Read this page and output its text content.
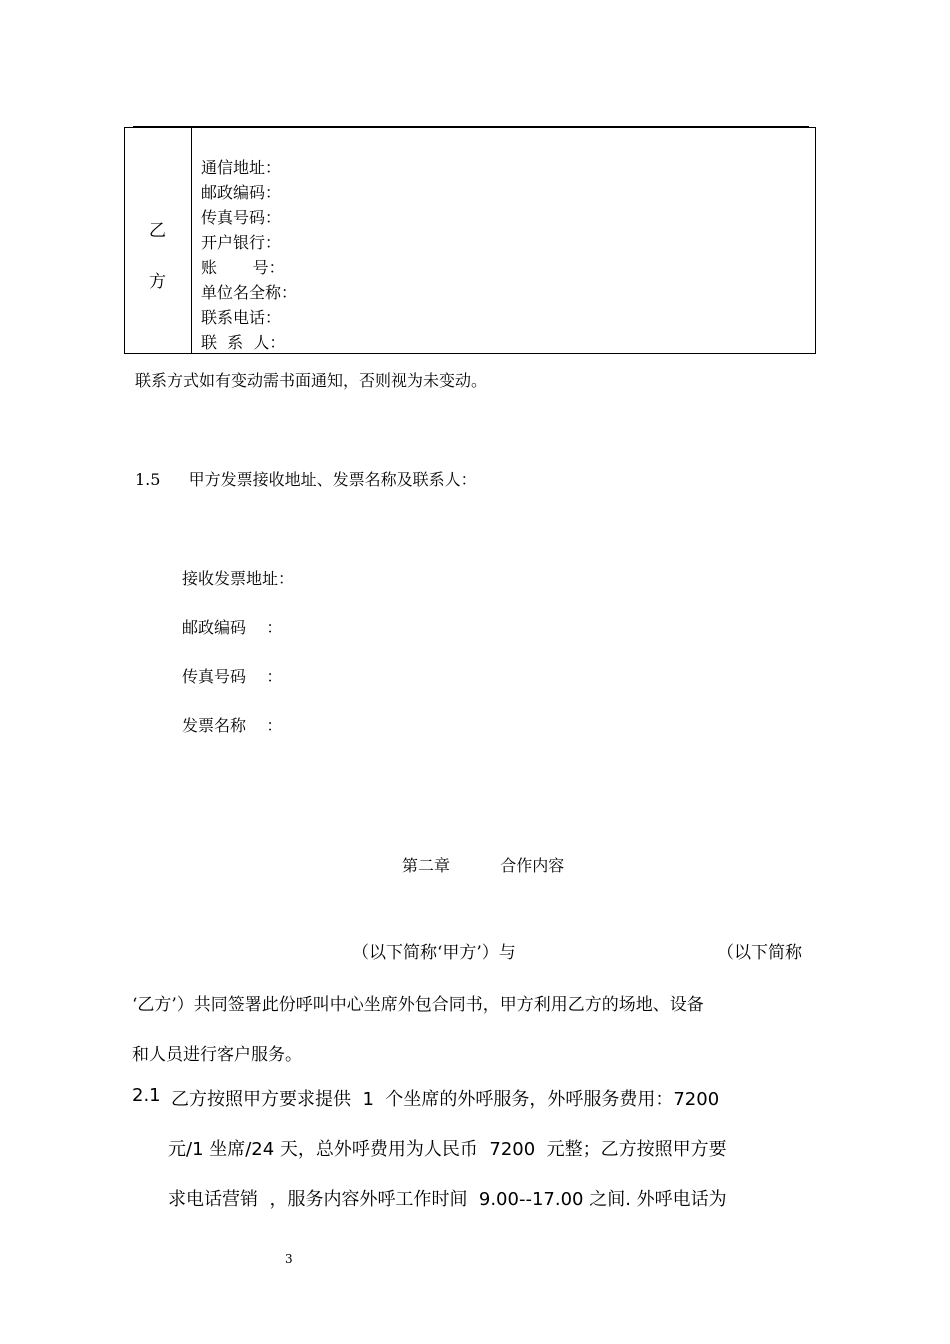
乙
方
通信地址：
邮政编码：
传真号码：
开户银行：
账       号：
单位名全称：
联系电话：
联  系  人：
联系方式如有变动需书面通知，否则视为未变动。
1.5 甲方发票接收地址、发票名称及联系人：
接收发票地址：
邮政编码    ：
传真号码    ：
发票名称    ：
第二章	合作内容
（以下简称‘甲方’）与	（以下简称
‘乙方’）共同签署此份呼叫中心坐席外包合同书，甲方利用乙方的场地、设备
和人员进行客户服务。
2.1 乙方按照甲方要求提供  1  个坐席的外呼服务，外呼服务费用：7200
元/1 坐席/24 天，总外呼费用为人民币  7200  元整；乙方按照甲方要
求电话营销  ，服务内容外呼工作时间  9.00--17.00 之间. 外呼电话为
3
